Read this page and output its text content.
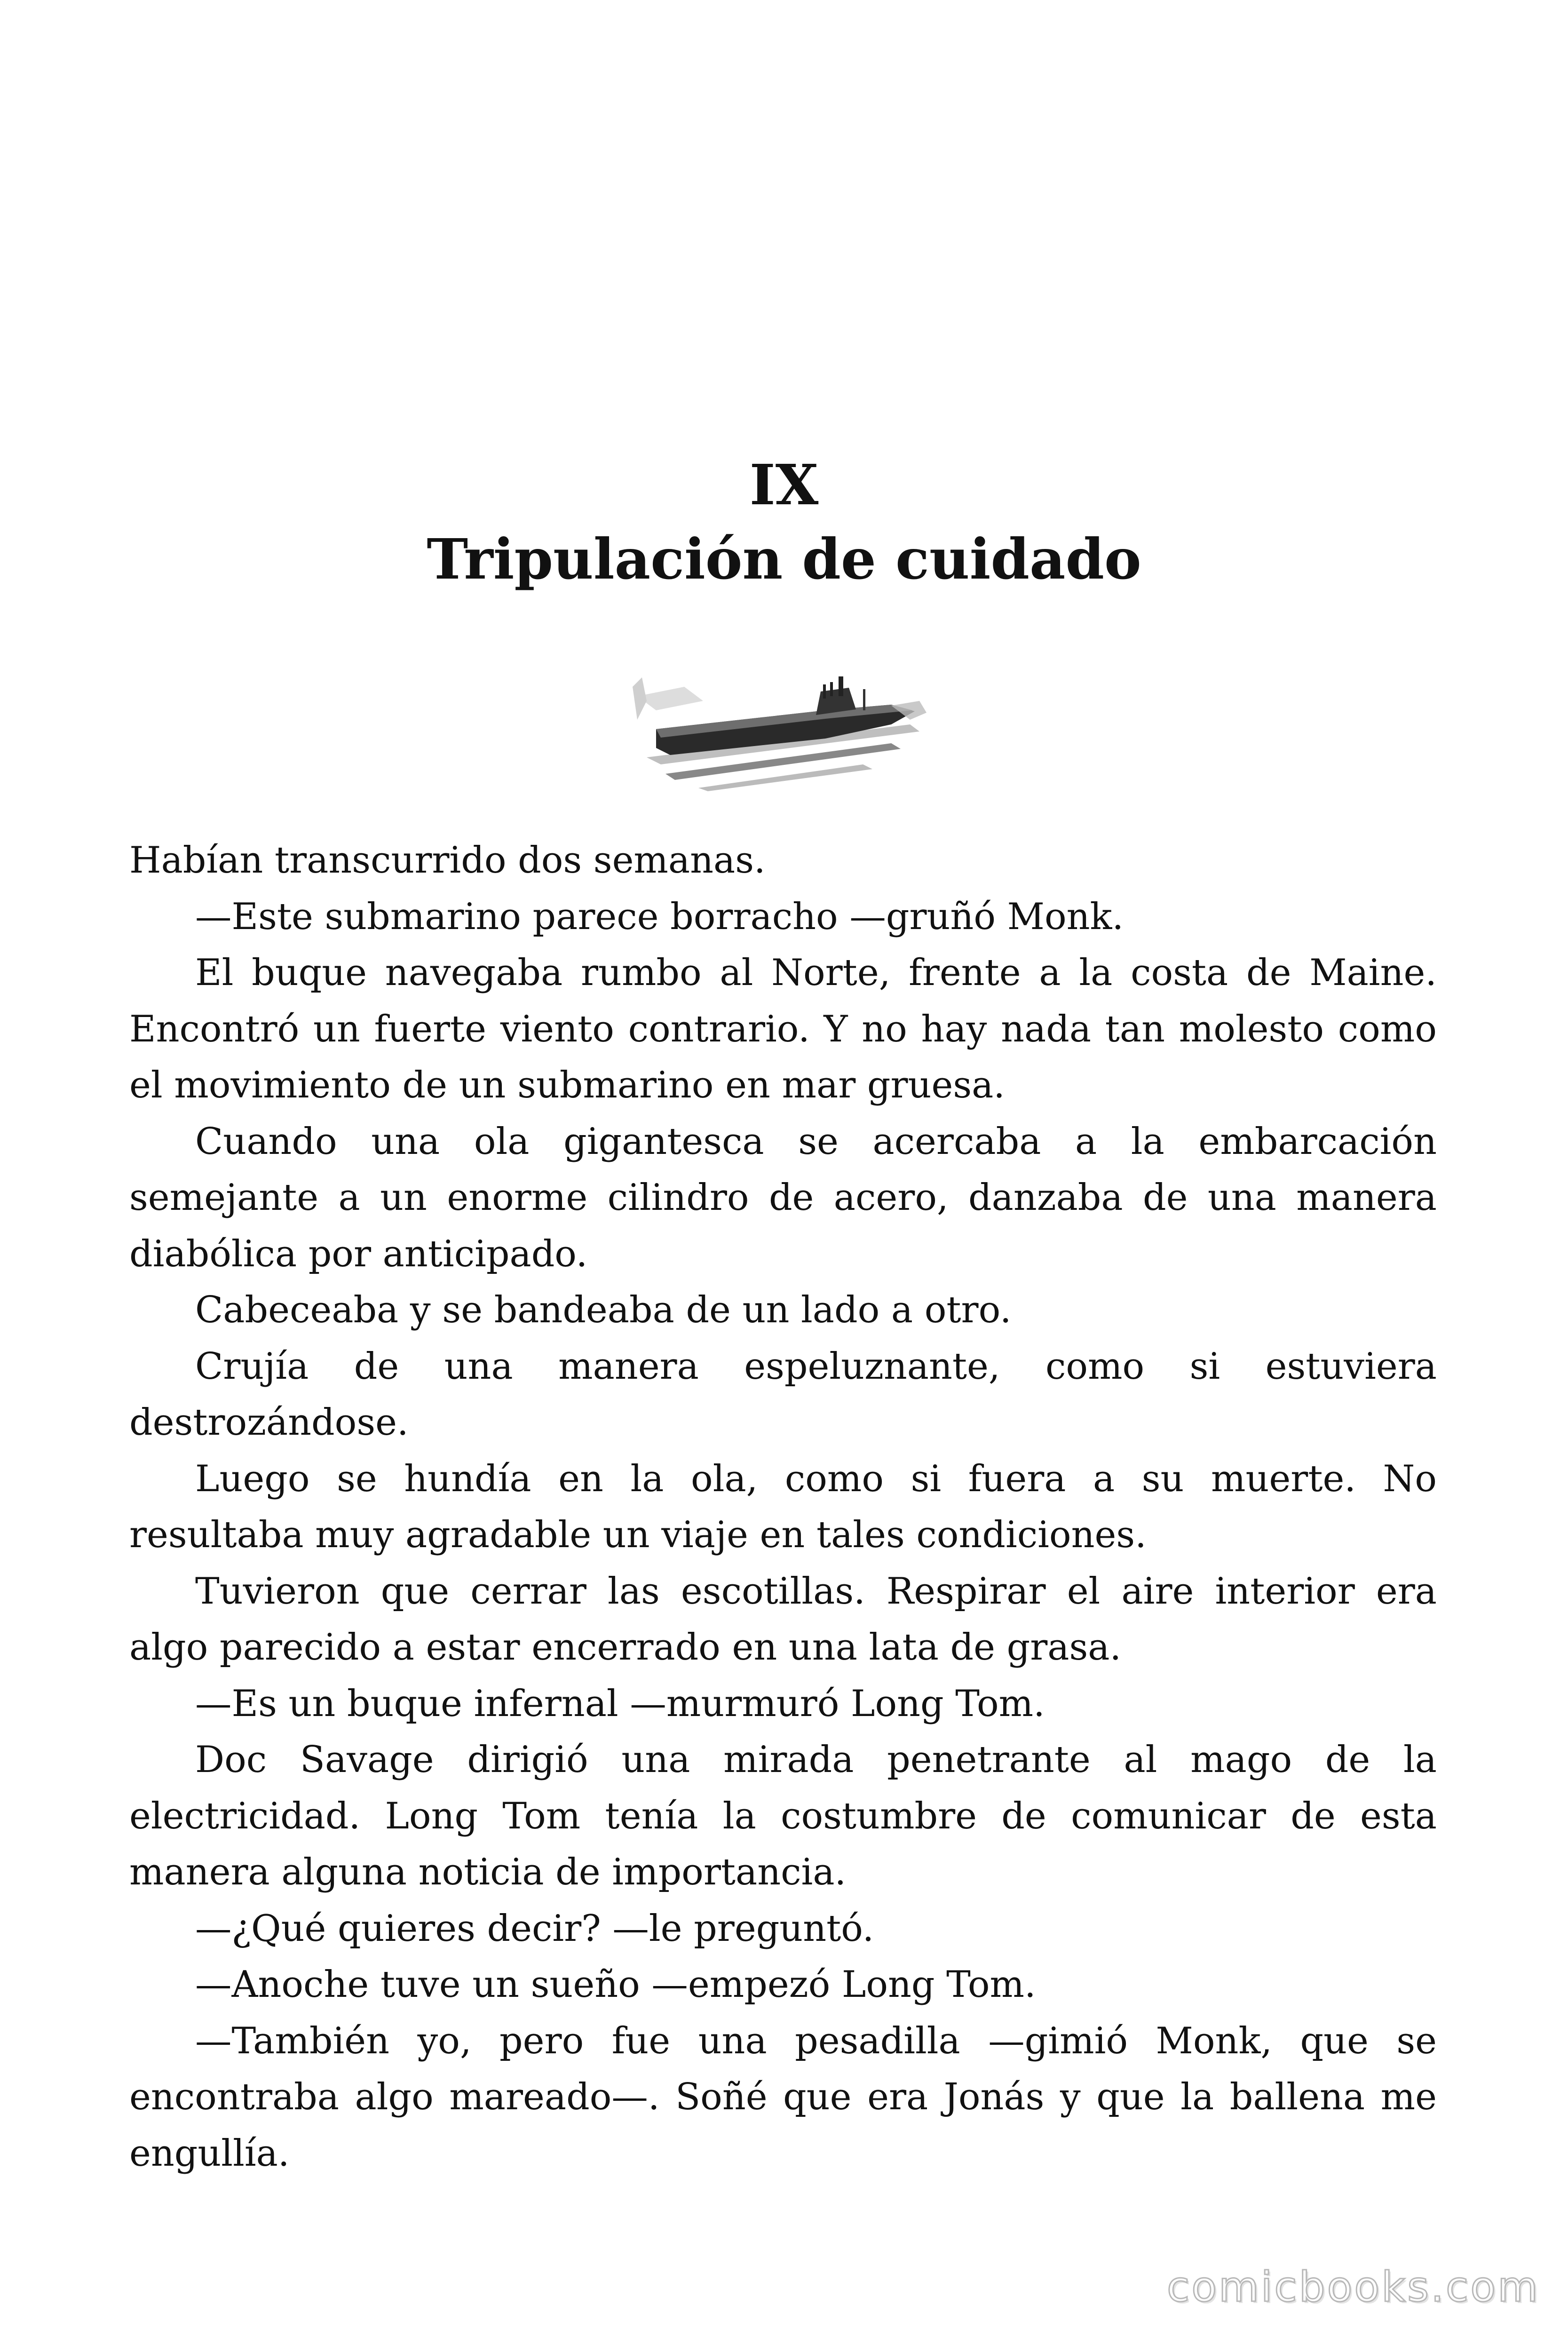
IX
Tripulación de cuidado

Habían transcurrido dos semanas.

—Este submarino parece borracho —gruñó Monk.

El buque navegaba rumbo al Norte, frente a la costa de Maine. Encontró un fuerte viento contrario. Y no hay nada tan molesto como el movimiento de un submarino en mar gruesa.

Cuando una ola gigantesca se acercaba a la embarcación semejante a un enorme cilindro de acero, danzaba de una manera diabólica por anticipado.

Cabeceaba y se bandeaba de un lado a otro.

Crujía de una manera espeluznante, como si estuviera destrozándose.

Luego se hundía en la ola, como si fuera a su muerte. No resultaba muy agradable un viaje en tales condiciones.

Tuvieron que cerrar las escotillas. Respirar el aire interior era algo parecido a estar encerrado en una lata de grasa.

—Es un buque infernal —murmuró Long Tom.

Doc Savage dirigió una mirada penetrante al mago de la electricidad. Long Tom tenía la costumbre de comunicar de esta manera alguna noticia de importancia.

—¿Qué quieres decir? —le preguntó.

—Anoche tuve un sueño —empezó Long Tom.

—También yo, pero fue una pesadilla —gimió Monk, que se encontraba algo mareado—. Soñé que era Jonás y que la ballena me engullía.

comicbooks.com
